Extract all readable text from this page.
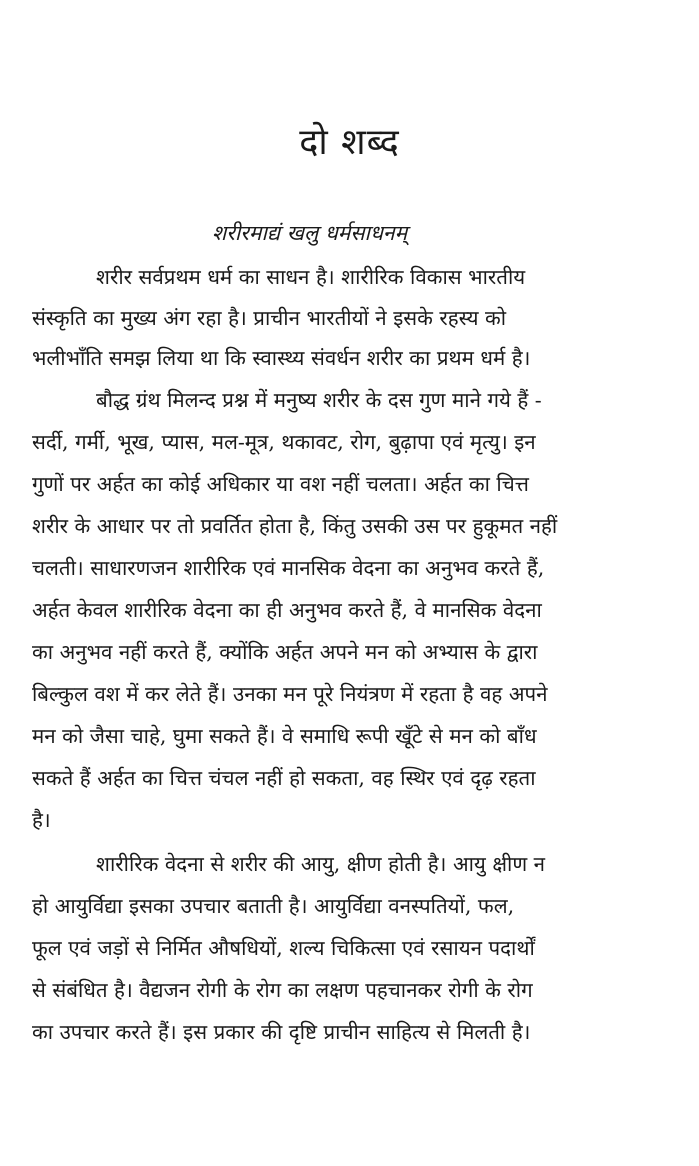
दो शब्द
शरीरमाद्यं खलु धर्मसाधनम्
शरीर सर्वप्रथम धर्म का साधन है। शारीरिक विकास भारतीय
संस्कृति का मुख्य अंग रहा है। प्राचीन भारतीयों ने इसके रहस्य को
भलीभाँति समझ लिया था कि स्वास्थ्य संवर्धन शरीर का प्रथम धर्म है।
बौद्ध ग्रंथ मिलन्द प्रश्न में मनुष्य शरीर के दस गुण माने गये हैं -
सर्दी, गर्मी, भूख, प्यास, मल-मूत्र, थकावट, रोग, बुढ़ापा एवं मृत्यु। इन
गुणों पर अर्हत का कोई अधिकार या वश नहीं चलता। अर्हत का चित्त
शरीर के आधार पर तो प्रवर्तित होता है, किंतु उसकी उस पर हुकूमत नहीं
चलती। साधारणजन शारीरिक एवं मानसिक वेदना का अनुभव करते हैं,
अर्हत केवल शारीरिक वेदना का ही अनुभव करते हैं, वे मानसिक वेदना
का अनुभव नहीं करते हैं, क्योंकि अर्हत अपने मन को अभ्यास के द्वारा
बिल्कुल वश में कर लेते हैं। उनका मन पूरे नियंत्रण में रहता है वह अपने
मन को जैसा चाहे, घुमा सकते हैं। वे समाधि रूपी खूँटे से मन को बाँध
सकते हैं अर्हत का चित्त चंचल नहीं हो सकता, वह स्थिर एवं दृढ़ रहता
है।
शारीरिक वेदना से शरीर की आयु, क्षीण होती है। आयु क्षीण न
हो आयुर्विद्या इसका उपचार बताती है। आयुर्विद्या वनस्पतियों, फल,
फूल एवं जड़ों से निर्मित औषधियों, शल्य चिकित्सा एवं रसायन पदार्थों
से संबंधित है। वैद्यजन रोगी के रोग का लक्षण पहचानकर रोगी के रोग
का उपचार करते हैं। इस प्रकार की दृष्टि प्राचीन साहित्य से मिलती है।
